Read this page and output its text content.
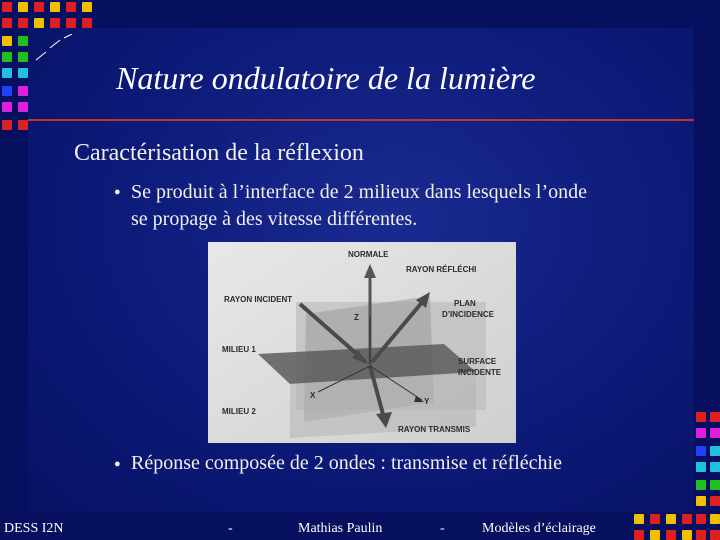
Nature ondulatoire de la lumière
Caractérisation de la réflexion
● Se produit à l’interface de 2 milieux dans lesquels l’onde se propage à des vitesse différentes.
NORMALE
RAYON RÉFLÉCHI
RAYON INCIDENT	PLAN
D’INCIDENCE
Z
MILIEU 1
SURFACE
INCIDENTE
X
Y
MILIEU 2
RAYON TRANSMIS
● Réponse composée de 2 ondes : transmise et réfléchie
DESS I2N	-	Mathias Paulin	-	Modèles d’éclairage
